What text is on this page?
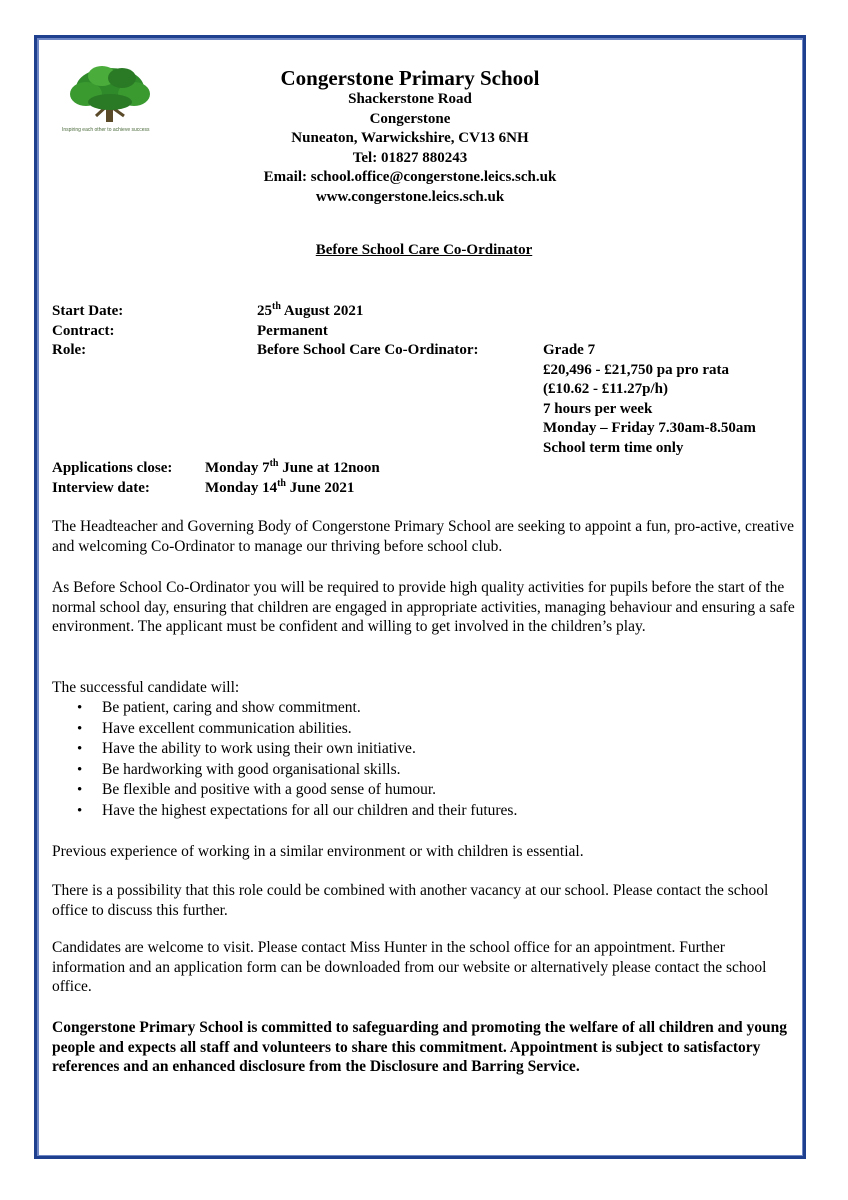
Inspiring each other to achieve success
Congerstone Primary School
Shackerstone Road
Congerstone
Nuneaton, Warwickshire, CV13 6NH
Tel: 01827 880243
Email: school.office@congerstone.leics.sch.uk
www.congerstone.leics.sch.uk
Before School Care Co-Ordinator
Start Date:	25th August 2021
Contract:	Permanent
Role:	Before School Care Co-Ordinator:	Grade 7
£20,496 - £21,750 pa pro rata
(£10.62 - £11.27p/h)
7 hours per week
Monday – Friday 7.30am-8.50am
School term time only
Applications close: Monday 7th June at 12noon
Interview date:	Monday 14th June 2021
The Headteacher and Governing Body of Congerstone Primary School are seeking to appoint a fun, pro-active, creative and welcoming Co-Ordinator to manage our thriving before school club.
As Before School Co-Ordinator you will be required to provide high quality activities for pupils before the start of the normal school day, ensuring that children are engaged in appropriate activities, managing behaviour and ensuring a safe environment. The applicant must be confident and willing to get involved in the children’s play.
The successful candidate will:
• Be patient, caring and show commitment.
• Have excellent communication abilities.
• Have the ability to work using their own initiative.
• Be hardworking with good organisational skills.
• Be flexible and positive with a good sense of humour.
• Have the highest expectations for all our children and their futures.
Previous experience of working in a similar environment or with children is essential.
There is a possibility that this role could be combined with another vacancy at our school. Please contact the school office to discuss this further.
Candidates are welcome to visit. Please contact Miss Hunter in the school office for an appointment. Further information and an application form can be downloaded from our website or alternatively please contact the school office.
Congerstone Primary School is committed to safeguarding and promoting the welfare of all children and young people and expects all staff and volunteers to share this commitment. Appointment is subject to satisfactory references and an enhanced disclosure from the Disclosure and Barring Service.
